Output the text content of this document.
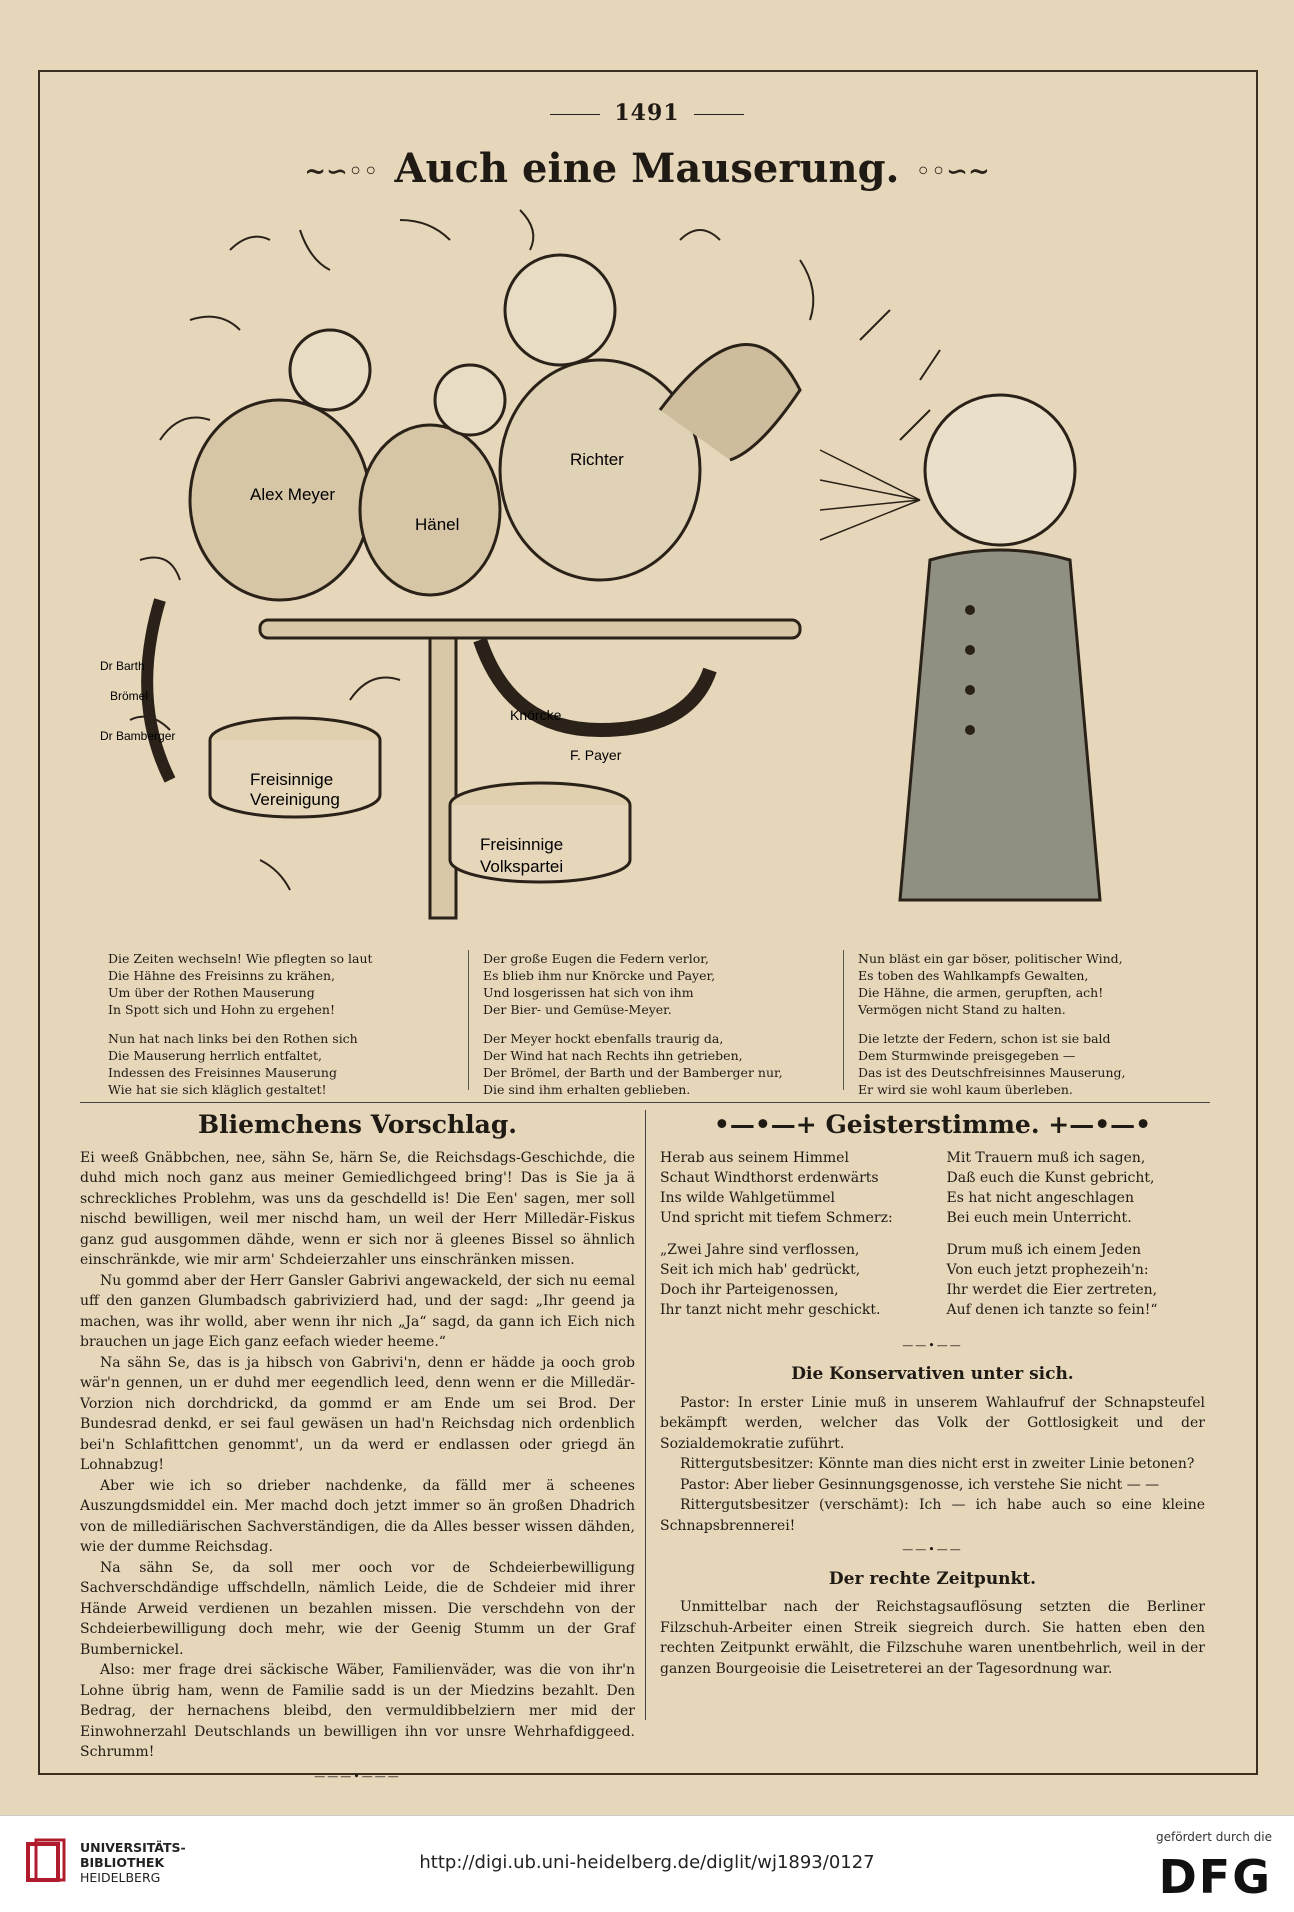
1491
~∽◦◦ Auch eine Mauserung. ◦◦∽~
Freisinnige
Vereinigung
Freisinnige
Volkspartei
Alex Meyer
Hänel
Richter
Knörcke
F. Payer
Dr Barth
Brömel
Dr Bamberger
Die Zeiten wechseln! Wie pflegten so laut
Die Hähne des Freisinns zu krähen,
Um über der Rothen Mauserung
In Spott sich und Hohn zu ergehen!
Nun hat nach links bei den Rothen sich
Die Mauserung herrlich entfaltet,
Indessen des Freisinnes Mauserung
Wie hat sie sich kläglich gestaltet!
Der große Eugen die Federn verlor,
Es blieb ihm nur Knörcke und Payer,
Und losgerissen hat sich von ihm
Der Bier- und Gemüse-Meyer.
Der Meyer hockt ebenfalls traurig da,
Der Wind hat nach Rechts ihn getrieben,
Der Brömel, der Barth und der Bamberger nur,
Die sind ihm erhalten geblieben.
Nun bläst ein gar böser, politischer Wind,
Es toben des Wahlkampfs Gewalten,
Die Hähne, die armen, gerupften, ach!
Vermögen nicht Stand zu halten.
Die letzte der Federn, schon ist sie bald
Dem Sturmwinde preisgegeben —
Das ist des Deutschfreisinnes Mauserung,
Er wird sie wohl kaum überleben.
Bliemchens Vorschlag.
Ei weeß Gnäbbchen, nee, sähn Se, härn Se, die Reichsdags-Geschichde, die duhd mich noch ganz aus meiner Gemiedlichgeed bring'! Das is Sie ja ä schreckliches Problehm, was uns da geschdelld is! Die Een' sagen, mer soll nischd bewilligen, weil mer nischd ham, un weil der Herr Milledär-Fiskus ganz gud ausgommen dähde, wenn er sich nor ä gleenes Bissel so ähnlich einschränkde, wie mir arm' Schdeierzahler uns einschränken missen.
Nu gommd aber der Herr Gansler Gabrivi angewackeld, der sich nu eemal uff den ganzen Glumbadsch gabrivizierd had, und der sagd: „Ihr geend ja machen, was ihr wolld, aber wenn ihr nich „Ja“ sagd, da gann ich Eich nich brauchen un jage Eich ganz eefach wieder heeme.“
Na sähn Se, das is ja hibsch von Gabrivi'n, denn er hädde ja ooch grob wär'n gennen, un er duhd mer eegendlich leed, denn wenn er die Milledär-Vorzion nich dorchdrickd, da gommd er am Ende um sei Brod. Der Bundesrad denkd, er sei faul gewäsen un had'n Reichsdag nich ordenblich bei'n Schlafittchen genommt', un da werd er endlassen oder griegd än Lohnabzug!
Aber wie ich so drieber nachdenke, da fälld mer ä scheenes Auszungdsmiddel ein. Mer machd doch jetzt immer so än großen Dhadrich von de millediärischen Sachverständigen, die da Alles besser wissen dähden, wie der dumme Reichsdag.
Na sähn Se, da soll mer ooch vor de Schdeierbewilligung Sachverschdändige uffschdelln, nämlich Leide, die de Schdeier mid ihrer Hände Arweid verdienen un bezahlen missen. Die verschdehn von der Schdeierbewilligung doch mehr, wie der Geenig Stumm un der Graf Bumbernickel.
Also: mer frage drei säckische Wäber, Familienväder, was die von ihr'n Lohne übrig ham, wenn de Familie sadd is un der Miedzins bezahlt. Den Bedrag, der hernachens bleibd, den vermuldibbelziern mer mid der Einwohnerzahl Deutschlands un bewilligen ihn vor unsre Wehrhafdiggeed. Schrumm!
———•———
•—•—+ Geisterstimme. +—•—•
Herab aus seinem Himmel
Schaut Windthorst erdenwärts
Ins wilde Wahlgetümmel
Und spricht mit tiefem Schmerz:
„Zwei Jahre sind verflossen,
Seit ich mich hab' gedrückt,
Doch ihr Parteigenossen,
Ihr tanzt nicht mehr geschickt.
Mit Trauern muß ich sagen,
Daß euch die Kunst gebricht,
Es hat nicht angeschlagen
Bei euch mein Unterricht.
Drum muß ich einem Jeden
Von euch jetzt prophezeih'n:
Ihr werdet die Eier zertreten,
Auf denen ich tanzte so fein!“
——•——
Die Konservativen unter sich.
Pastor: In erster Linie muß in unserem Wahlaufruf der Schnapsteufel bekämpft werden, welcher das Volk der Gottlosigkeit und der Sozialdemokratie zuführt.
Rittergutsbesitzer: Könnte man dies nicht erst in zweiter Linie betonen?
Pastor: Aber lieber Gesinnungsgenosse, ich verstehe Sie nicht — —
Rittergutsbesitzer (verschämt): Ich — ich habe auch so eine kleine Schnapsbrennerei!
——•——
Der rechte Zeitpunkt.
Unmittelbar nach der Reichstagsauflösung setzten die Berliner Filzschuh-Arbeiter einen Streik siegreich durch. Sie hatten eben den rechten Zeitpunkt erwählt, die Filzschuhe waren unentbehrlich, weil in der ganzen Bourgeoisie die Leisetreterei an der Tagesordnung war.
UNIVERSITÄTS-
BIBLIOTHEK
HEIDELBERG
http://digi.ub.uni-heidelberg.de/diglit/wj1893/0127
gefördert durch die
DFG
